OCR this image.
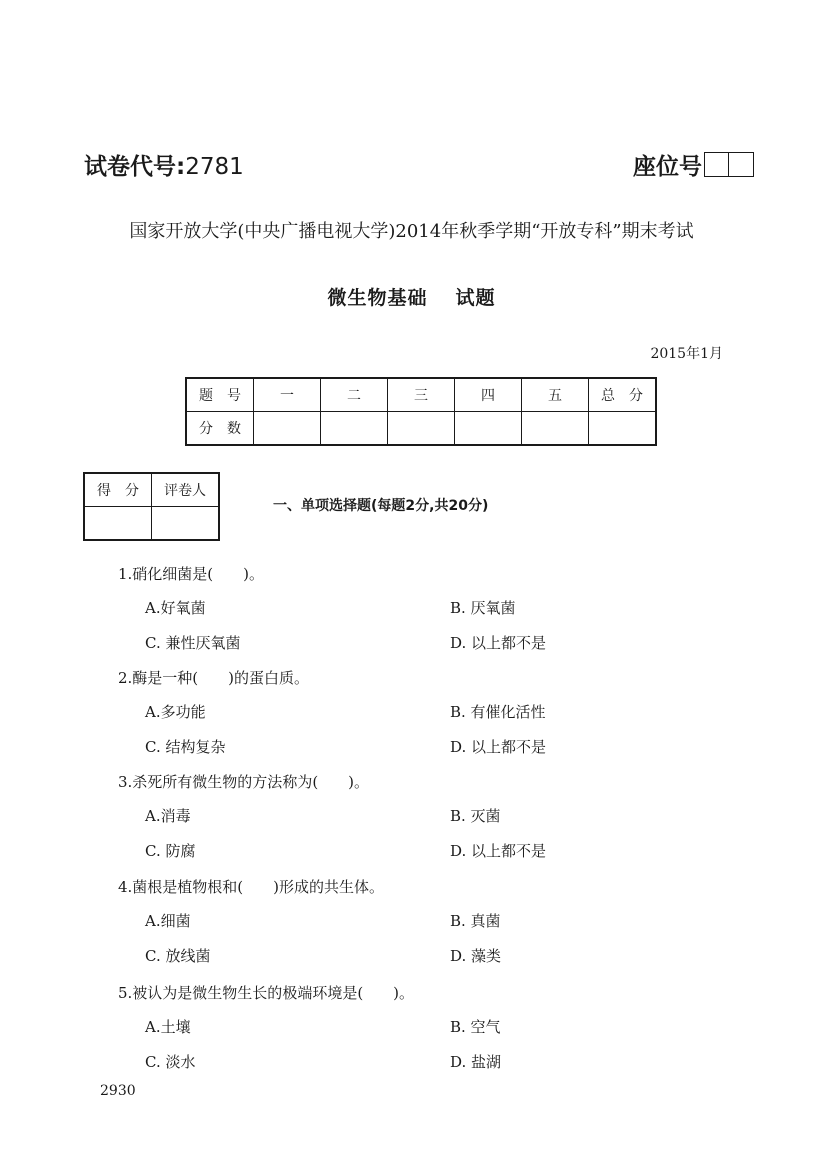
试卷代号:2781	座位号
国家开放大学(中央广播电视大学)2014年秋季学期“开放专科”期末考试
微生物基础 试题
2015年1月
题　号	一	二	三	四	五	总　分
分　数						
得　分	评卷人

一、单项选择题(每题2分,共20分)
1.硝化细菌是(　　)。
A.好氧菌	B. 厌氧菌
C. 兼性厌氧菌	D. 以上都不是
2.酶是一种(　　)的蛋白质。
A.多功能	B. 有催化活性
C. 结构复杂	D. 以上都不是
3.杀死所有微生物的方法称为(　　)。
A.消毒	B. 灭菌
C. 防腐	D. 以上都不是
4.菌根是植物根和(　　)形成的共生体。
A.细菌	B. 真菌
C. 放线菌	D. 藻类
5.被认为是微生物生长的极端环境是(　　)。
A.土壤	B. 空气
C. 淡水	D. 盐湖
2930
